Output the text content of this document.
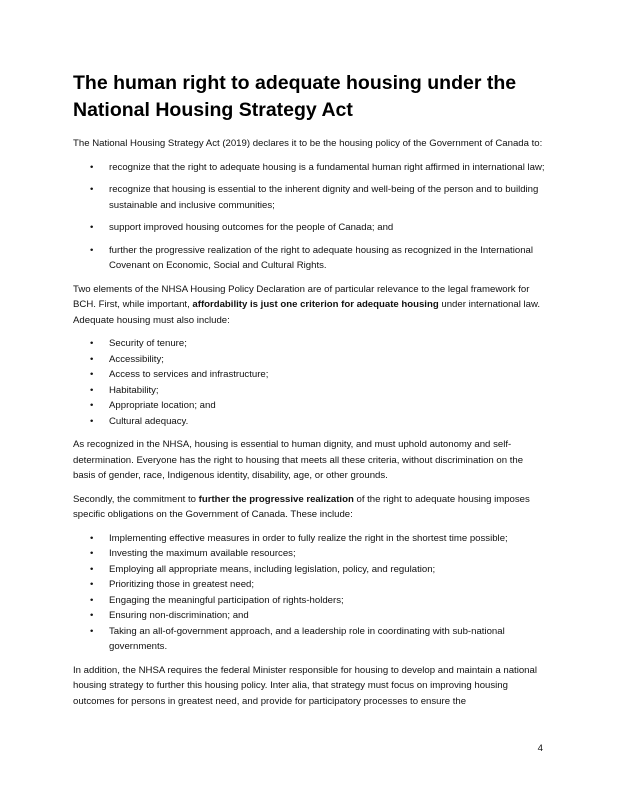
The human right to adequate housing under the National Housing Strategy Act

The National Housing Strategy Act (2019) declares it to be the housing policy of the Government of Canada to:

• recognize that the right to adequate housing is a fundamental human right affirmed in international law;
• recognize that housing is essential to the inherent dignity and well-being of the person and to building sustainable and inclusive communities;
• support improved housing outcomes for the people of Canada; and
• further the progressive realization of the right to adequate housing as recognized in the International Covenant on Economic, Social and Cultural Rights.

Two elements of the NHSA Housing Policy Declaration are of particular relevance to the legal framework for BCH. First, while important, affordability is just one criterion for adequate housing under international law. Adequate housing must also include:

• Security of tenure;
• Accessibility;
• Access to services and infrastructure;
• Habitability;
• Appropriate location; and
• Cultural adequacy.

As recognized in the NHSA, housing is essential to human dignity, and must uphold autonomy and self-determination. Everyone has the right to housing that meets all these criteria, without discrimination on the basis of gender, race, Indigenous identity, disability, age, or other grounds.

Secondly, the commitment to further the progressive realization of the right to adequate housing imposes specific obligations on the Government of Canada. These include:

• Implementing effective measures in order to fully realize the right in the shortest time possible;
• Investing the maximum available resources;
• Employing all appropriate means, including legislation, policy, and regulation;
• Prioritizing those in greatest need;
• Engaging the meaningful participation of rights-holders;
• Ensuring non-discrimination; and
• Taking an all-of-government approach, and a leadership role in coordinating with sub-national governments.

In addition, the NHSA requires the federal Minister responsible for housing to develop and maintain a national housing strategy to further this housing policy. Inter alia, that strategy must focus on improving housing outcomes for persons in greatest need, and provide for participatory processes to ensure the

4
